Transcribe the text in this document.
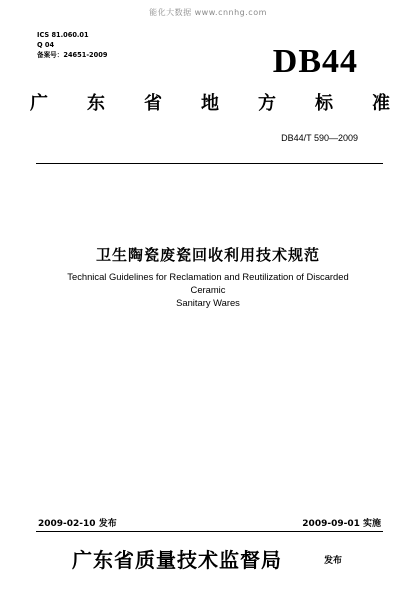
能化大数据 www.cnnhg.com
ICS 81.060.01
Q 04
备案号：24651-2009	DB44
广 东 省 地 方 标 准
DB44/T 590—2009
卫生陶瓷废瓷回收利用技术规范
Technical Guidelines for Reclamation and Reutilization of Discarded Ceramic
Sanitary Wares
2009-02-10 发布	2009-09-01 实施
广东省质量技术监督局	发布
